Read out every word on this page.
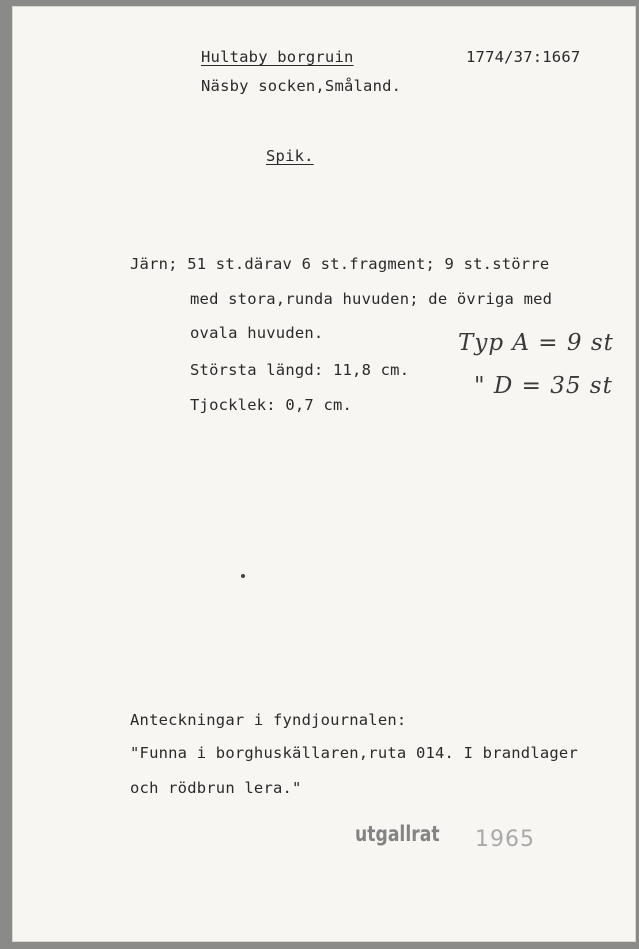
Hultaby borgruin	1774/37:1667
Näsby socken,Småland.
Spik.
Järn; 51 st.därav 6 st.fragment; 9 st.större
med stora,runda huvuden; de övriga med
ovala huvuden.
Största längd: 11,8 cm.
Tjocklek: 0,7 cm.
Typ A = 9 st
" D = 35 st
Anteckningar i fyndjournalen:
"Funna i borghuskällaren,ruta 014. I brandlager
och rödbrun lera."
utgallrat 1965
